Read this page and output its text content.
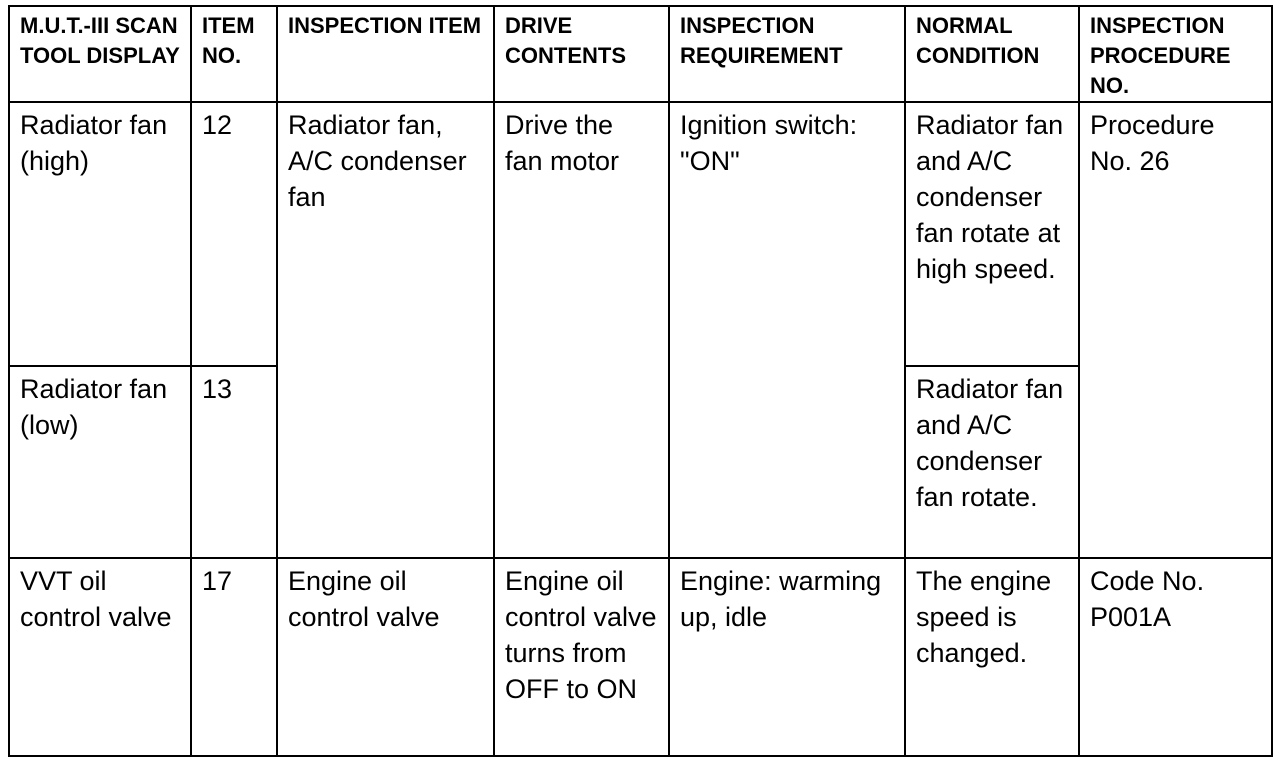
M.U.T.-III SCAN TOOL DISPLAY	ITEM NO.	INSPECTION ITEM	DRIVE CONTENTS	INSPECTION REQUIREMENT	NORMAL CONDITION	INSPECTION PROCEDURE NO.
Radiator fan (high)	12	Radiator fan, A/C condenser fan	Drive the fan motor	Ignition switch: "ON"	Radiator fan and A/C condenser fan rotate at high speed.	Procedure No. 26
Radiator fan (low)	13				Radiator fan and A/C condenser fan rotate.	
VVT oil control valve	17	Engine oil control valve	Engine oil control valve turns from OFF to ON	Engine: warming up, idle	The engine speed is changed.	Code No. P001A
